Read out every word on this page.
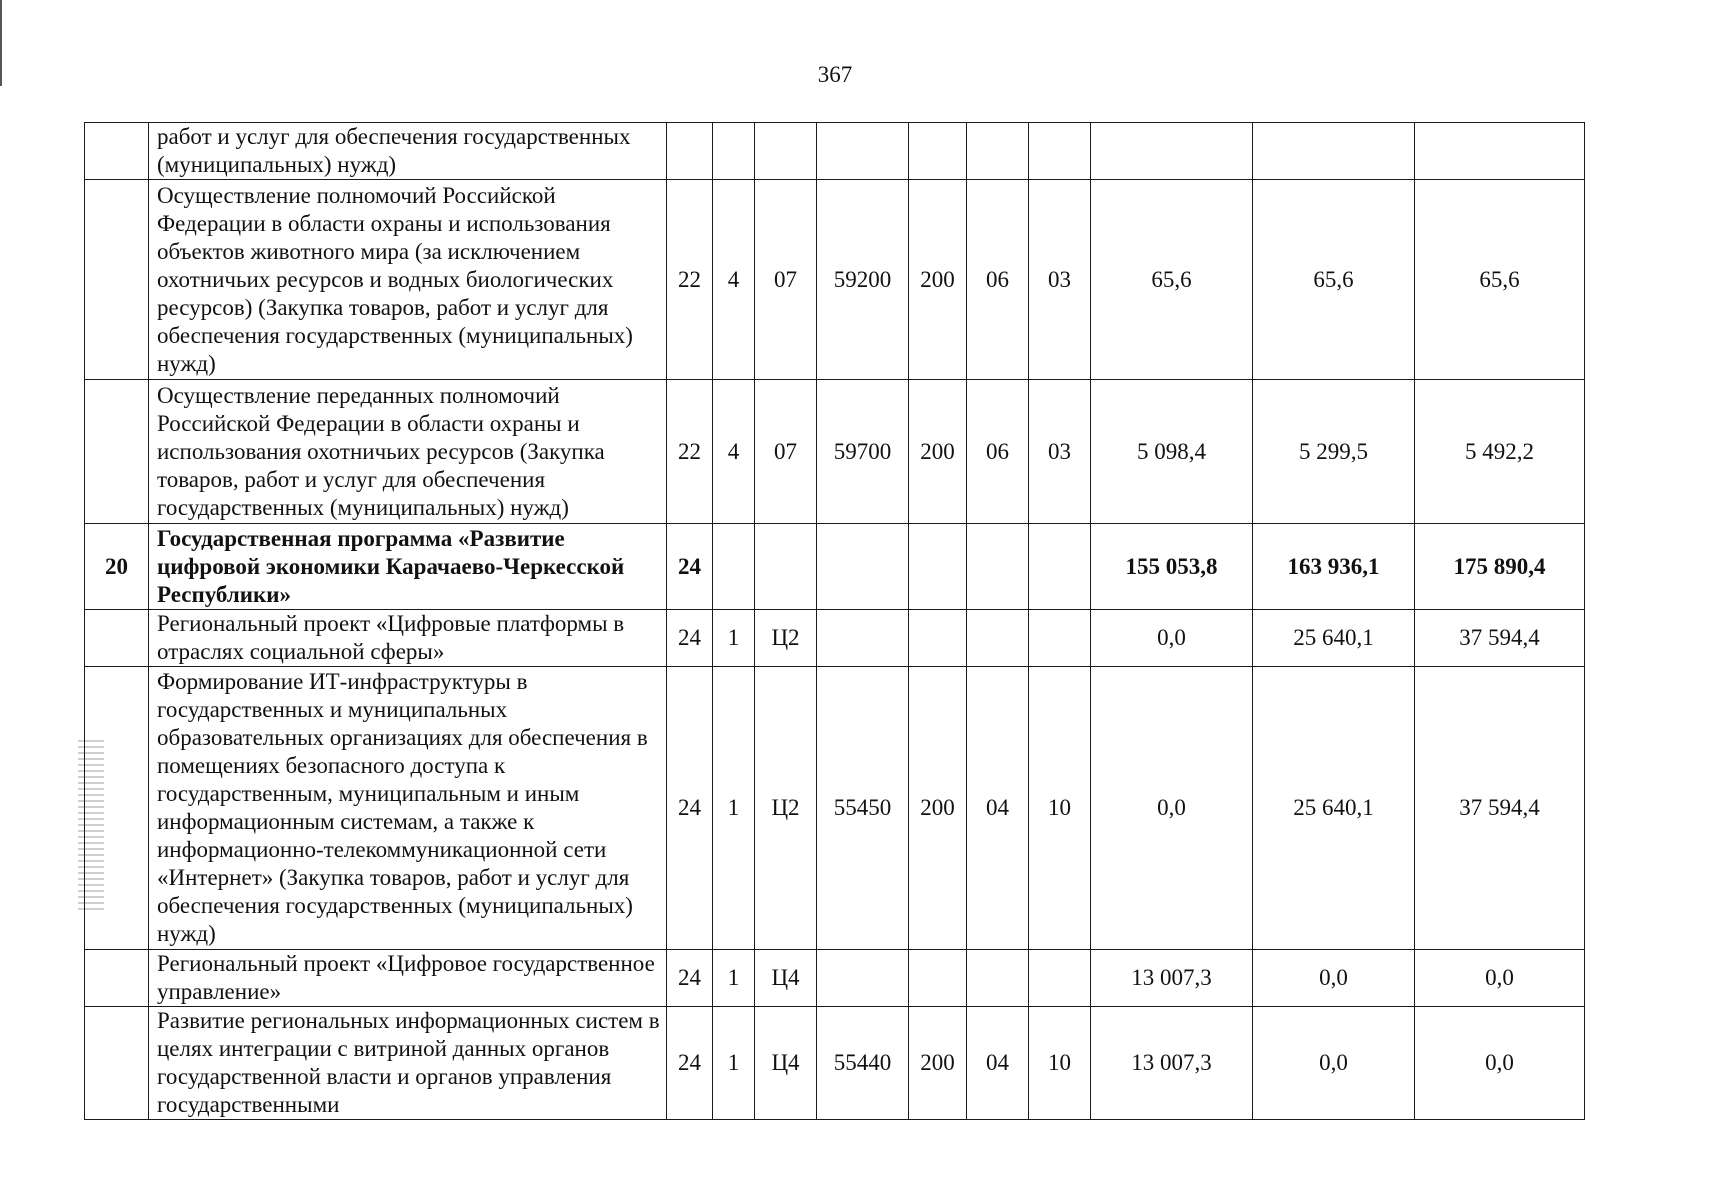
367
	работ и услуг для обеспечения государственных (муниципальных) нужд)										
	Осуществление полномочий Российской Федерации в области охраны и использования объектов животного мира (за исключением охотничьих ресурсов и водных биологических ресурсов) (Закупка товаров, работ и услуг для обеспечения государственных (муниципальных) нужд)	22	4	07	59200	200	06	03	65,6	65,6	65,6
	Осуществление переданных полномочий Российской Федерации в области охраны и использования охотничьих ресурсов (Закупка товаров, работ и услуг для обеспечения государственных (муниципальных) нужд)	22	4	07	59700	200	06	03	5 098,4	5 299,5	5 492,2
20	Государственная программа «Развитие цифровой экономики Карачаево-Черкесской Республики»	24							155 053,8	163 936,1	175 890,4
	Региональный проект «Цифровые платформы в отраслях социальной сферы»	24	1	Ц2					0,0	25 640,1	37 594,4
	Формирование ИТ-инфраструктуры в государственных и муниципальных образовательных организациях для обеспечения в помещениях безопасного доступа к государственным, муниципальным и иным информационным системам, а также к информационно-телекоммуникационной сети «Интернет» (Закупка товаров, работ и услуг для обеспечения государственных (муниципальных) нужд)	24	1	Ц2	55450	200	04	10	0,0	25 640,1	37 594,4
	Региональный проект «Цифровое государственное управление»	24	1	Ц4					13 007,3	0,0	0,0
	Развитие региональных информационных систем в целях интеграции с витриной данных органов государственной власти и органов управления государственными	24	1	Ц4	55440	200	04	10	13 007,3	0,0	0,0
